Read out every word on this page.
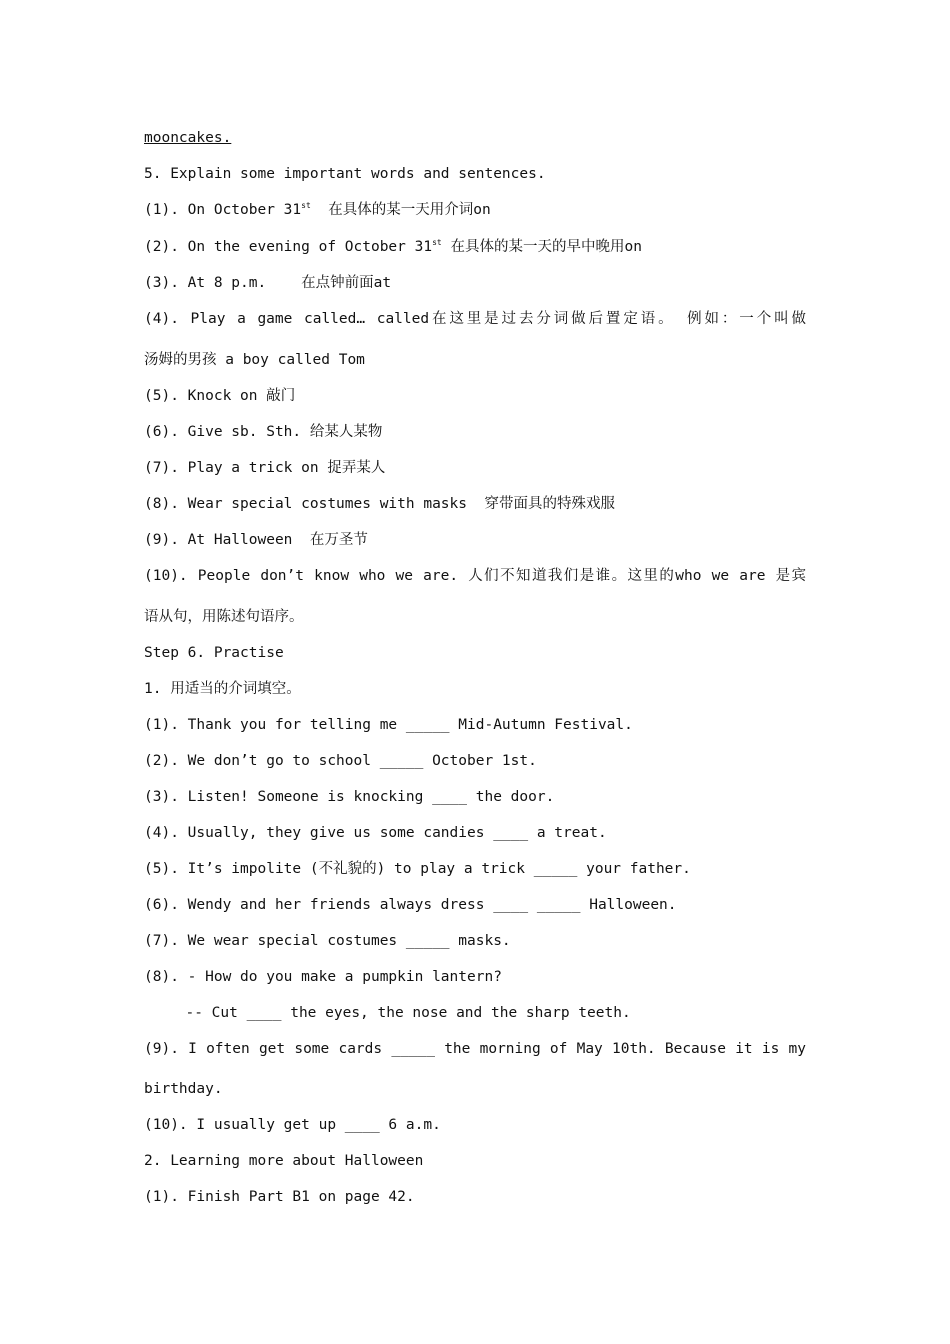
mooncakes.
5. Explain some important words and sentences.
(1). On October 31st  在具体的某一天用介词on
(2). On the evening of October 31st 在具体的某一天的早中晚用on
(3). At 8 p.m.    在点钟前面at
(4). Play a game called… called在这里是过去分词做后置定语。 例如：一个叫做
汤姆的男孩 a boy called Tom
(5). Knock on 敲门
(6). Give sb. Sth. 给某人某物
(7). Play a trick on 捉弄某人
(8). Wear special costumes with masks  穿带面具的特殊戏服
(9). At Halloween  在万圣节
(10). People don’t know who we are. 人们不知道我们是谁。这里的who we are 是宾
语从句，用陈述句语序。
Step 6. Practise
1. 用适当的介词填空。
(1). Thank you for telling me _____ Mid-Autumn Festival.
(2). We don’t go to school _____ October 1st.
(3). Listen! Someone is knocking ____ the door.
(4). Usually, they give us some candies ____ a treat.
(5). It’s impolite (不礼貌的) to play a trick _____ your father.
(6). Wendy and her friends always dress ____ _____ Halloween.
(7). We wear special costumes _____ masks.
(8). - How do you make a pumpkin lantern?
-- Cut ____ the eyes, the nose and the sharp teeth.
(9). I often get some cards _____ the morning of May 10th. Because it is my
birthday.
(10). I usually get up ____ 6 a.m.
2. Learning more about Halloween
(1). Finish Part B1 on page 42.
